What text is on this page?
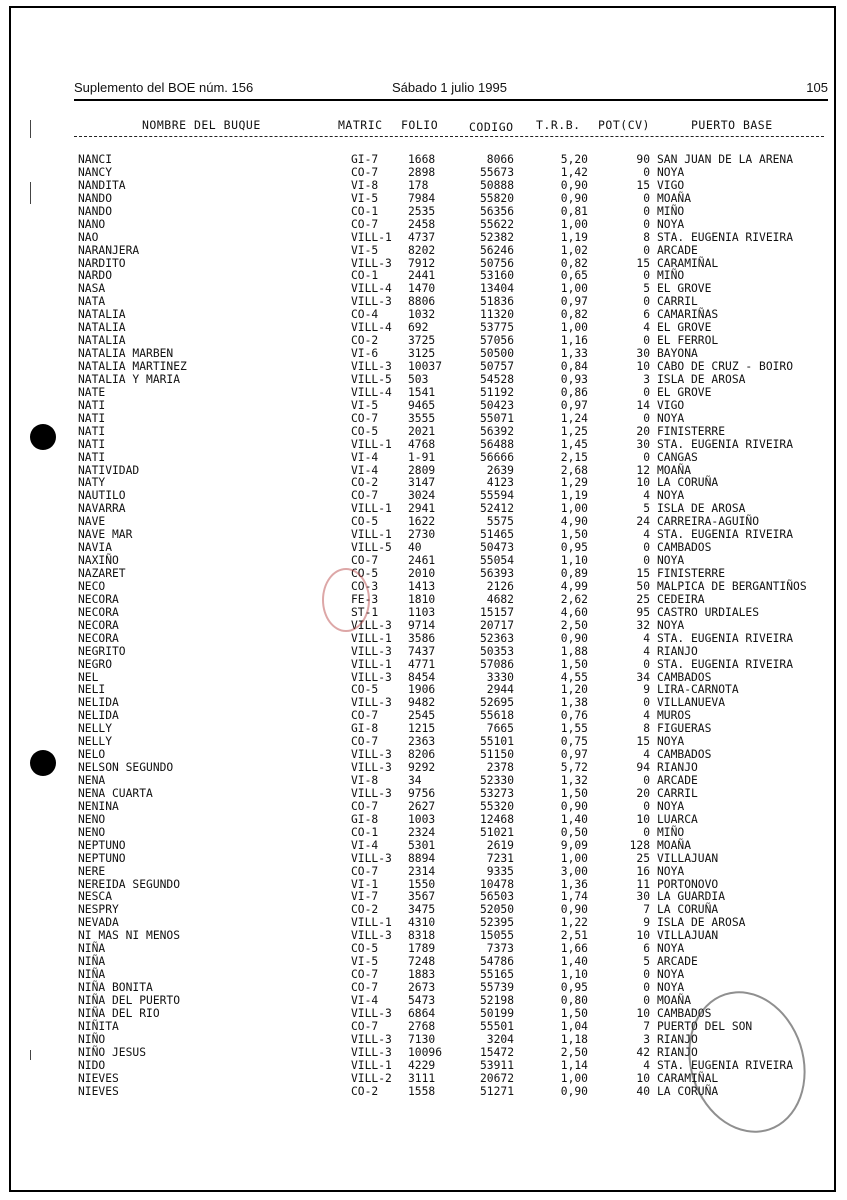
Suplemento del BOE núm. 156	Sábado 1 julio 1995	105
NOMBRE DEL BUQUE	MATRIC FOLIO	CODIGO T.R.B. POT(CV)	PUERTO BASE
NANCI	GI-7	1668	8066	5,20	90 SAN JUAN DE LA ARENA
NANCY	CO-7	2898	55673	1,42	0 NOYA
NANDITA	VI-8	178	50888	0,90	15 VIGO
NANDO	VI-5	7984	55820	0,90	0 MOAÑA
NANDO	CO-1	2535	56356	0,81	0 MIÑO
NANO	CO-7	2458	55622	1,00	0 NOYA
NAO	VILL-1 4737	52382	1,19	8 STA. EUGENIA RIVEIRA
NARANJERA	VI-5	8202	56246	1,02	0 ARCADE
NARDITO	VILL-3 7912	50756	0,82	15 CARAMIÑAL
NARDO	CO-1	2441	53160	0,65	0 MIÑO
NASA	VILL-4 1470	13404	1,00	5 EL GROVE
NATA	VILL-3 8806	51836	0,97	0 CARRIL
NATALIA	CO-4	1032	11320	0,82	6 CAMARIÑAS
NATALIA	VILL-4 692	53775	1,00	4 EL GROVE
NATALIA	CO-2	3725	57056	1,16	0 EL FERROL
NATALIA MARBEN	VI-6	3125	50500	1,33	30 BAYONA
NATALIA MARTINEZ	VILL-3 10037	50757	0,84	10 CABO DE CRUZ - BOIRO
NATALIA Y MARIA	VILL-5 503	54528	0,93	3 ISLA DE AROSA
NATE	VILL-4 1541	51192	0,86	0 EL GROVE
NATI	VI-5	9465	50423	0,97	14 VIGO
NATI	CO-7	3555	55071	1,24	0 NOYA
NATI	CO-5	2021	56392	1,25	20 FINISTERRE
NATI	VILL-1 4768	56488	1,45	30 STA. EUGENIA RIVEIRA
NATI	VI-4	1-91	56666	2,15	0 CANGAS
NATIVIDAD	VI-4	2809	2639	2,68	12 MOAÑA
NATY	CO-2	3147	4123	1,29	10 LA CORUÑA
NAUTILO	CO-7	3024	55594	1,19	4 NOYA
NAVARRA	VILL-1 2941	52412	1,00	5 ISLA DE AROSA
NAVE	CO-5	1622	5575	4,90	24 CARREIRA-AGUIÑO
NAVE MAR	VILL-1 2730	51465	1,50	4 STA. EUGENIA RIVEIRA
NAVIA	VILL-5 40	50473	0,95	0 CAMBADOS
NAXIÑO	CO-7	2461	55054	1,10	0 NOYA
NAZARET	CO-5	2010	56393	0,89	15 FINISTERRE
NECO	CO-3	1413	2126	4,99	50 MALPICA DE BERGANTIÑOS
NECORA	FE-3	1810	4682	2,62	25 CEDEIRA
NECORA	ST-1	1103	15157	4,60	95 CASTRO URDIALES
NECORA	VILL-3 9714	20717	2,50	32 NOYA
NECORA	VILL-1 3586	52363	0,90	4 STA. EUGENIA RIVEIRA
NEGRITO	VILL-3 7437	50353	1,88	4 RIANJO
NEGRO	VILL-1 4771	57086	1,50	0 STA. EUGENIA RIVEIRA
NEL	VILL-3 8454	3330	4,55	34 CAMBADOS
NELI	CO-5	1906	2944	1,20	9 LIRA-CARNOTA
NELIDA	VILL-3 9482	52695	1,38	0 VILLANUEVA
NELIDA	CO-7	2545	55618	0,76	4 MUROS
NELLY	GI-8	1215	7665	1,55	8 FIGUERAS
NELLY	CO-7	2363	55101	0,75	15 NOYA
NELO	VILL-3 8206	51150	0,97	4 CAMBADOS
NELSON SEGUNDO	VILL-3 9292	2378	5,72	94 RIANJO
NENA	VI-8	34	52330	1,32	0 ARCADE
NENA CUARTA	VILL-3 9756	53273	1,50	20 CARRIL
NENINA	CO-7	2627	55320	0,90	0 NOYA
NENO	GI-8	1003	12468	1,40	10 LUARCA
NENO	CO-1	2324	51021	0,50	0 MIÑO
NEPTUNO	VI-4	5301	2619	9,09	128 MOAÑA
NEPTUNO	VILL-3 8894	7231	1,00	25 VILLAJUAN
NERE	CO-7	2314	9335	3,00	16 NOYA
NEREIDA SEGUNDO	VI-1	1550	10478	1,36	11 PORTONOVO
NESCA	VI-7	3567	56503	1,74	30 LA GUARDIA
NESPRY	CO-2	3475	52050	0,90	7 LA CORUÑA
NEVADA	VILL-1 4310	52395	1,22	9 ISLA DE AROSA
NI MAS NI MENOS	VILL-3 8318	15055	2,51	10 VILLAJUAN
NIÑA	CO-5	1789	7373	1,66	6 NOYA
NIÑA	VI-5	7248	54786	1,40	5 ARCADE
NIÑA	CO-7	1883	55165	1,10	0 NOYA
NIÑA BONITA	CO-7	2673	55739	0,95	0 NOYA
NIÑA DEL PUERTO	VI-4	5473	52198	0,80	0 MOAÑA
NIÑA DEL RIO	VILL-3 6864	50199	1,50	10 CAMBADOS
NIÑITA	CO-7	2768	55501	1,04	7 PUERTO DEL SON
NIÑO	VILL-3 7130	3204	1,18	3 RIANJO
NIÑO JESUS	VILL-3 10096	15472	2,50	42 RIANJO
NIDO	VILL-1 4229	53911	1,14	4 STA. EUGENIA RIVEIRA
NIEVES	VILL-2 3111	20672	1,00	10 CARAMIÑAL
NIEVES	CO-2	1558	51271	0,90	40 LA CORUÑA
